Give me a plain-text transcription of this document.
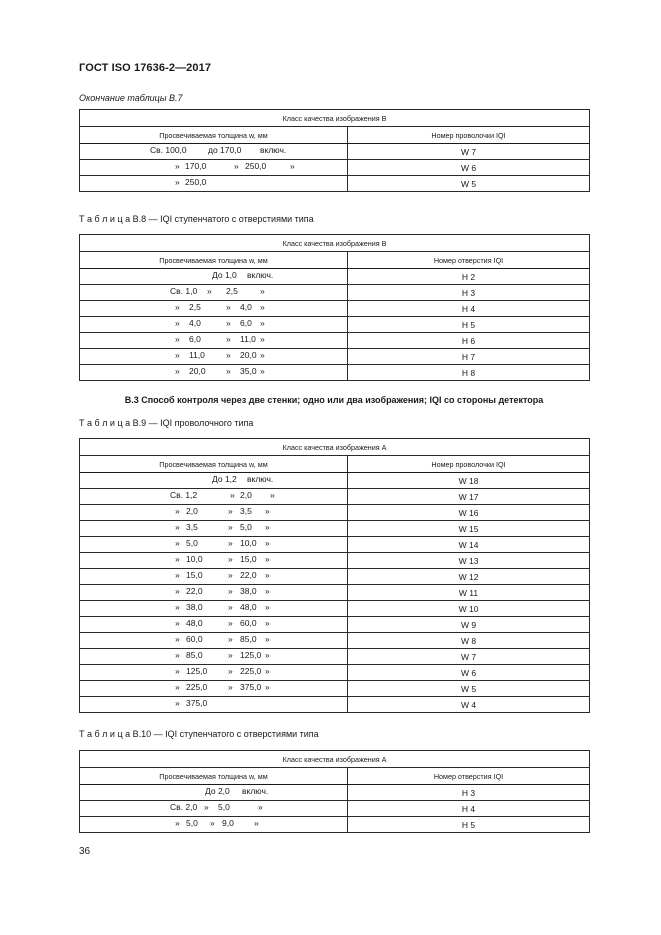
ГОСТ ISO 17636-2—2017
Окончание таблицы В.7
Класс качества изображения В	
Просвечиваемая толщина w, мм	Номер проволочки IQI

Св. 100,0 до 170,0 включ.	W 7

» 170,0 » 250,0 »	W 6

» 250,0	W 5
Т а б л и ц а В.8 — IQI ступенчатого с отверстиями типа
Класс качества изображения В	
Просвечиваемая толщина w, мм	Номер отверстия IQI

До 1,0 включ.	H 2

Св. 1,0 » 2,5 »	H 3

» 2,5 » 4,0 »	H 4

» 4,0 » 6,0 »	H 5

» 6,0 » 11,0 »	H 6

» 11,0 » 20,0 »	H 7

» 20,0 » 35,0 »	H 8
В.3 Способ контроля через две стенки; одно или два изображения; IQI со стороны детектора
Т а б л и ц а В.9 — IQI проволочного типа
Класс качества изображения А	
Просвечиваемая толщина w, мм	Номер проволочки IQI

До 1,2 включ.	W 18

Св. 1,2 » 2,0 »	W 17

» 2,0 » 3,5 »	W 16

» 3,5 » 5,0 »	W 15

» 5,0 » 10,0 »	W 14

» 10,0 » 15,0 »	W 13

» 15,0 » 22,0 »	W 12

» 22,0 » 38,0 »	W 11

» 38,0 » 48,0 »	W 10

» 48,0 » 60,0 »	W 9

» 60,0 » 85,0 »	W 8

» 85,0 » 125,0 »	W 7

» 125,0 » 225,0 »	W 6

» 225,0 » 375,0 »	W 5

» 375,0	W 4
Т а б л и ц а В.10 — IQI ступенчатого с отверстиями типа
Класс качества изображения А	
Просвечиваемая толщина w, мм	Номер отверстия IQI

До 2,0 включ.	H 3

Св. 2,0 » 5,0 »	H 4

» 5,0 » 9,0 »	H 5
36
